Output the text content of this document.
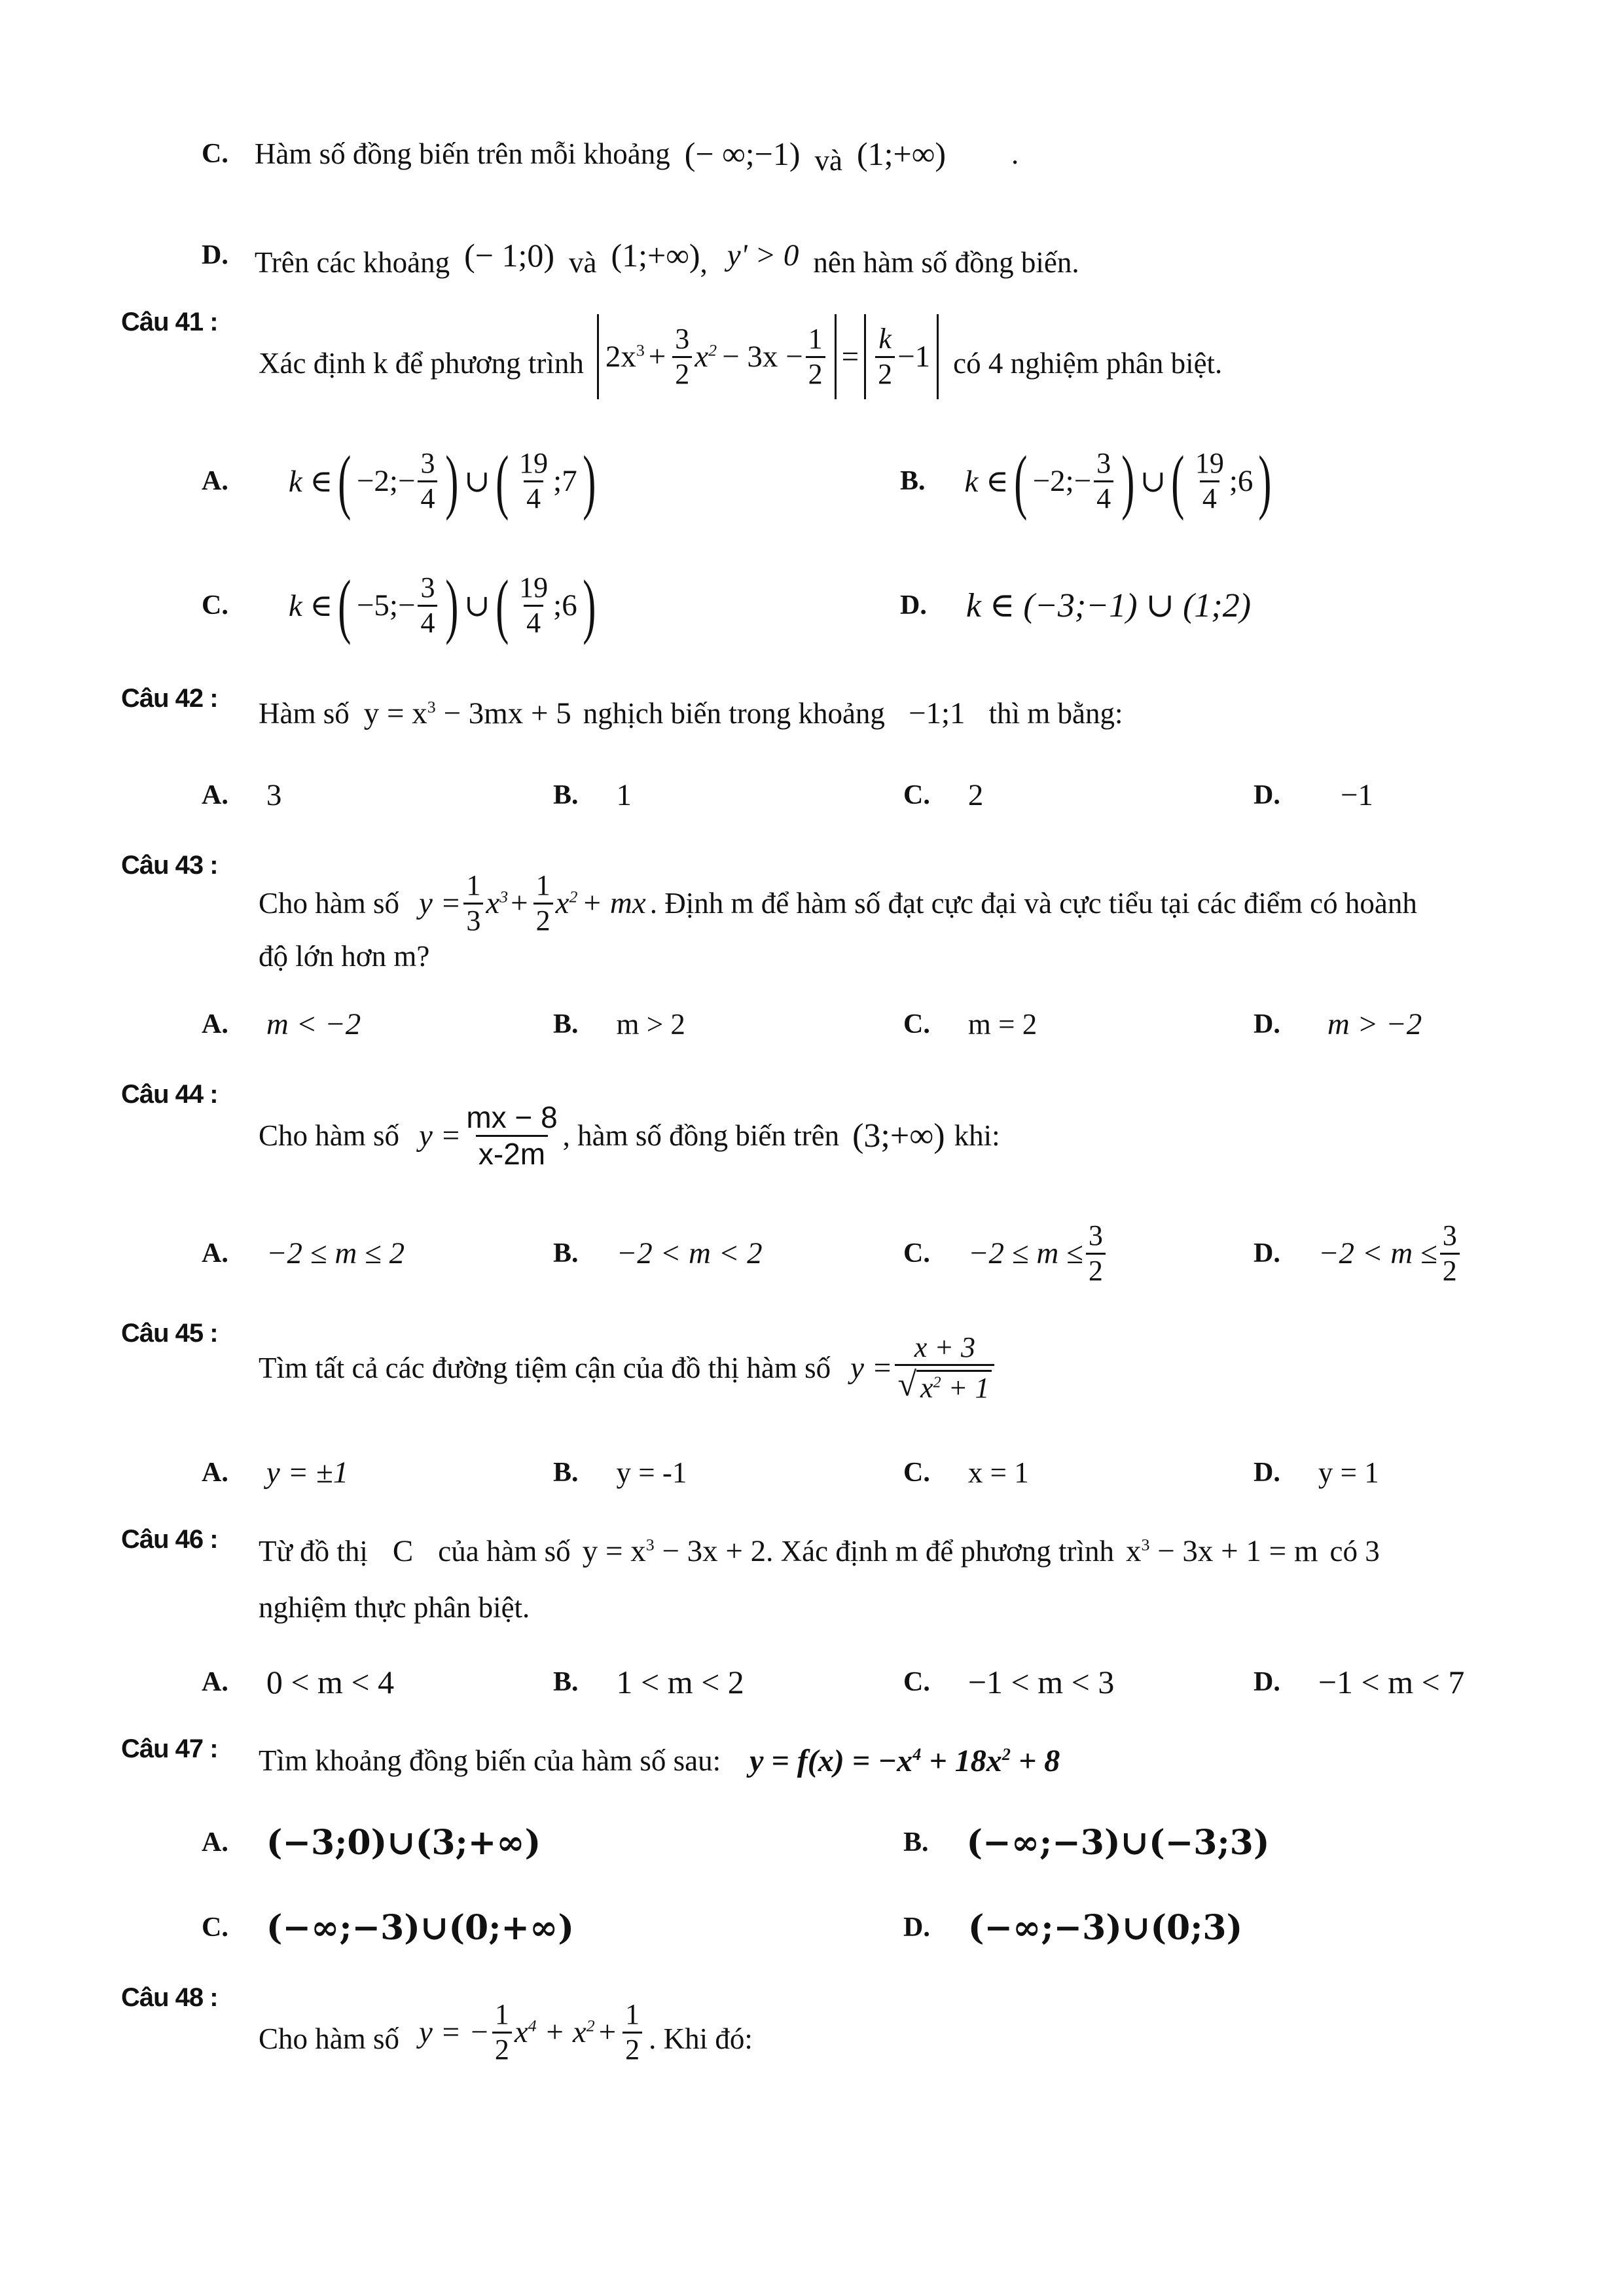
C. Hàm số đồng biến trên mỗi khoảng (− ∞;−1) và (1;+∞) .
D. Trên các khoảng (− 1;0) và (1;+∞) , y' > 0 nên hàm số đồng biến.
Câu 41 :
Xác định k để phương trình $2x^3 + \frac{3}{2} x^2 - 3x - \frac{1}{2} = \frac{k}{2} -1$ có 4 nghiệm phân biệt.
A. k ∈ ( −2;− $\frac{3}{4}$ ) ∪ ( $\frac{19}{4}$ ;7 )	B. k ∈ ( −2;− $\frac{3}{4}$ ) ∪ ( $\frac{19}{4}$ ;6 )
C. k ∈ ( −5;− $\frac{3}{4}$ ) ∪ ( $\frac{19}{4}$ ;6 )	D. k ∈ (−3;−1) ∪ (1;2)
Câu 42 : Hàm số $y = x^3 - 3mx + 5$ nghịch biến trong khoảng −1;1 thì m bằng:
A. 3	B. 1	C. 2	D. −1
Câu 43 :
Cho hàm số $y = \frac{1}{3} x^3 + \frac{1}{2} x^2$ + mx . Định m để hàm số đạt cực đại và cực tiểu tại các điểm có hoành
độ lớn hơn m?
A. m < −2	B. m > 2	C. m = 2	D. m > −2
Câu 44 :
Cho hàm số $y = \frac{mx - 8}{x-2m}$ , hàm số đồng biến trên (3;+∞) khi:
A. −2 ≤ m ≤ 2	B. −2 < m < 2	C. $-2 \le m \le \frac{3}{2}$	D. $-2 < m \le \frac{3}{2}$
Câu 45 :
Tìm tất cả các đường tiệm cận của đồ thị hàm số $y = \frac{x + 3}{√ x^2 + 1}$
A. y = ±1	B. y = -1	C. x = 1	D. y = 1
Câu 46 : Từ đồ thị C của hàm số $y = x^3 - 3x + 2$ . Xác định m để phương trình $x^3 - 3x + 1 = m$ có 3
nghiệm thực phân biệt.
A. 0 < m < 4	B. 1 < m < 2	C. −1 < m < 3	D. −1 < m < 7
Câu 47 : Tìm khoảng đồng biến của hàm số sau: $y = f(x) = -x^4 + 18x^2 + 8$
A. (−3;0)∪(3;+∞)	B. (−∞;−3)∪(−3;3)
C. (−∞;−3)∪(0;+∞)	D. (−∞;−3)∪(0;3)
Câu 48 :
Cho hàm số y = − $\frac{1}{2} x^4 + x^2 + \frac{1}{2}$ . Khi đó:
